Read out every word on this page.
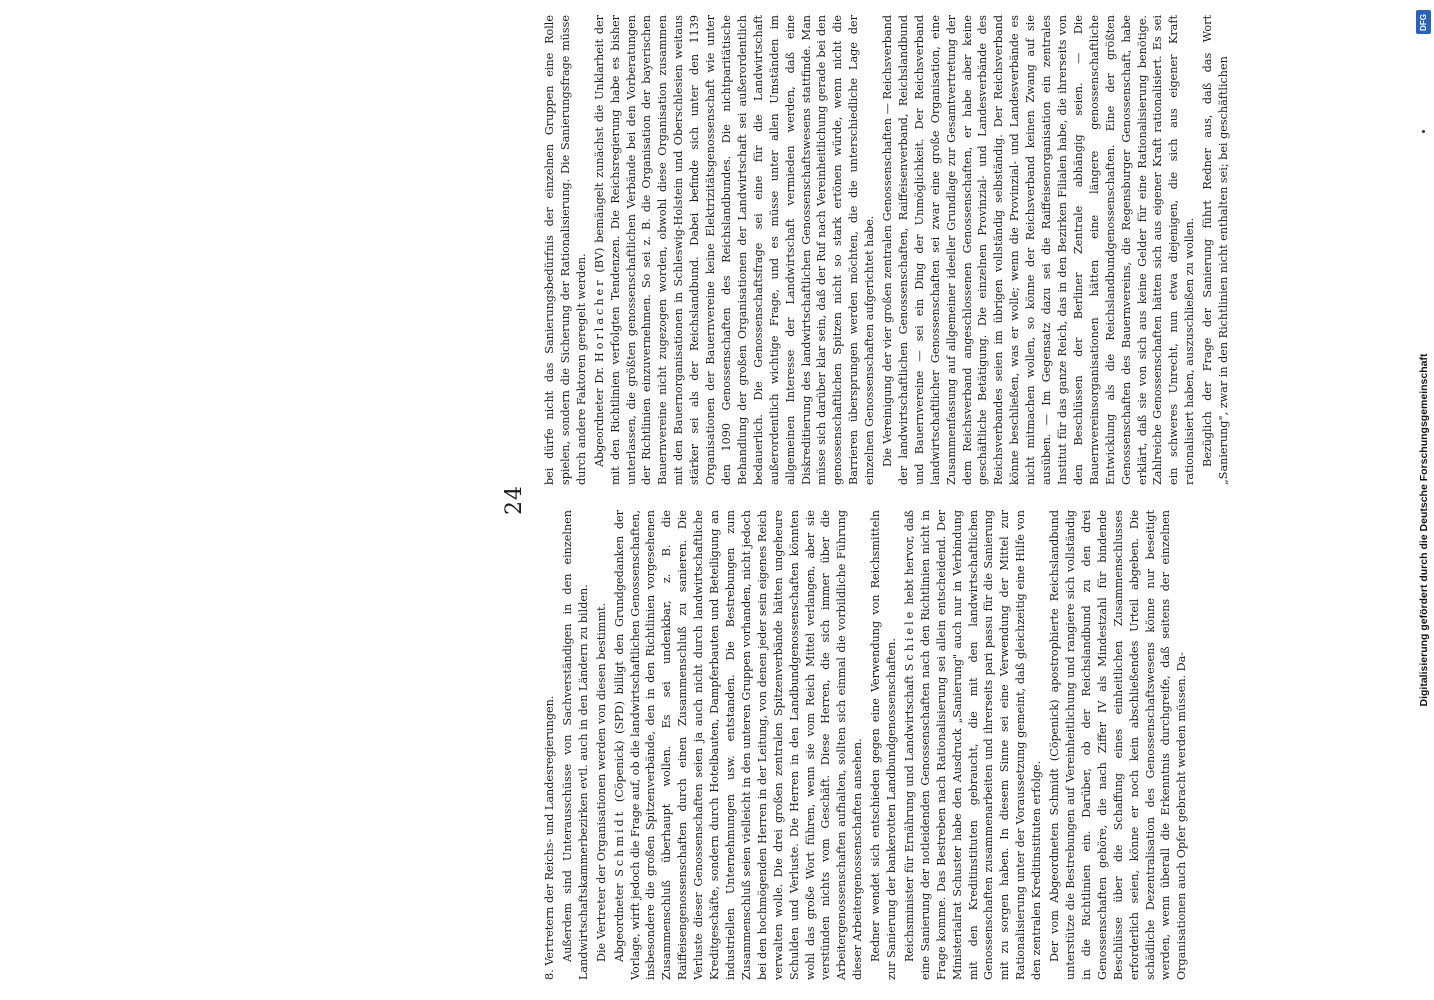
24

8. Vertretern der Reichs- und Landesregierungen. Außerdem sind Unterausschüsse von Sachverständigen in den einzelnen Landwirtschaftskammerbezirken evtl. auch in den Ländern zu bilden. Die Vertreter der Organisationen werden von diesen bestimmt. Abgeordneter Schmidt (Cöpenick) (SPD) billigt den Grundgedanken der Vorlage, wirft jedoch die Frage auf, ob die landwirtschaftlichen Genossenschaften, insbesondere die großen Spitzenverbände, den in den Richtlinien vorgesehenen Zusammenschluß überhaupt wollen. Es sei undenkbar, z. B. die Raiffeisengenossenschaften durch einen Zusammenschluß zu sanieren. Die Verluste dieser Genossenschaften seien ja auch nicht durch landwirtschaftliche Kreditgeschäfte, sondern durch Hotelbauten, Dampferbauten und Beteiligung an industriellen Unternehmungen usw. entstanden. Die Bestrebungen zum Zusammenschluß seien vielleicht in den unteren Gruppen vorhanden, nicht jedoch bei den hochmögenden Herren in der Leitung, von denen jeder sein eigenes Reich verwalten wolle. Die drei großen zentralen Spitzenverbände hätten ungeheure Schulden und Verluste. Die Herren in den Landbundgenossenschaften könnten wohl das große Wort führen, wenn sie vom Reich Mittel verlangen, aber sie verstünden nichts vom Geschäft. Diese Herren, die sich immer über die Arbeitergenossenschaften aufhalten, sollten sich einmal die vorbildliche Führung dieser Arbeitergenossenschaften ansehen. Redner wendet sich entschieden gegen eine Verwendung von Reichsmitteln zur Sanierung der bankerotten Landbundgenossenschaften. Reichsminister für Ernährung und Landwirtschaft Schiele hebt hervor, daß eine Sanierung der notleidenden Genossenschaften nach den Richtlinien nicht in Frage komme. Das Bestreben nach Rationalisierung sei allein entscheidend. Der Ministerialrat Schuster habe den Ausdruck „Sanierung" auch nur in Verbindung mit den Kreditinstituten gebraucht, die mit den landwirtschaftlichen Genossenschaften zusammenarbeiten und ihrerseits pari passu für die Sanierung mit zu sorgen haben. In diesem Sinne sei eine Verwendung der Mittel zur Rationalisierung unter der Voraussetzung gemeint, daß gleichzeitig eine Hilfe von den zentralen Kreditinstituten erfolge. Der vom Abgeordneten Schmidt (Cöpenick) apostrophierte Reichslandbund unterstütze die Bestrebungen auf Vereinheitlichung und rangiere sich vollständig in die Richtlinien ein. Darüber, ob der Reichslandbund zu den drei Genossenschaften gehöre, die nach Ziffer IV als Mindestzahl für bindende Beschlüsse über die Schaffung eines einheitlichen Zusammenschlusses erforderlich seien, könne er noch kein abschließendes Urteil abgeben. Die schädliche Dezentralisation des Genossenschaftswesens könne nur beseitigt werden, wenn überall die Erkenntnis durchgreife, daß seitens der einzelnen Organisationen auch Opfer gebracht werden müssen. Da-

bei dürfe nicht das Sanierungsbedürfnis der einzelnen Gruppen eine Rolle spielen, sondern die Sicherung der Rationalisierung. Die Sanierungsfrage müsse durch andere Faktoren geregelt werden. Abgeordneter Dr. Horlacher (BV) bemängelt zunächst die Unklarheit der mit den Richtlinien verfolgten Tendenzen. Die Reichsregierung habe es bisher unterlassen, die größten genossenschaftlichen Verbände bei den Vorberatungen der Richtlinien einzuvernehmen. So sei z. B. die Organisation der bayerischen Bauernvereine nicht zugezogen worden, obwohl diese Organisation zusammen mit den Bauernorganisationen in Schleswig-Holstein und Oberschlesien weitaus stärker sei als der Reichslandbund. Dabei befinde sich unter den 1139 Organisationen der Bauernvereine keine Elektrizitätsgenossenschaft wie unter den 1090 Genossenschaften des Reichslandbundes. Die nichtparitätische Behandlung der großen Organisationen der Landwirtschaft sei außerordentlich bedauerlich. Die Genossenschaftsfrage sei eine für die Landwirtschaft außerordentlich wichtige Frage, und es müsse unter allen Umständen im allgemeinen Interesse der Landwirtschaft vermieden werden, daß eine Diskreditierung des landwirtschaftlichen Genossenschaftswesens stattfinde. Man müsse sich darüber klar sein, daß der Ruf nach Vereinheitlichung gerade bei den genossenschaftlichen Spitzen nicht so stark ertönen würde, wenn nicht die Barrieren übersprungen werden möchten, die die unterschiedliche Lage der einzelnen Genossenschaften aufgerichtet habe. Die Vereinigung der vier großen zentralen Genossenschaften — Reichsverband der landwirtschaftlichen Genossenschaften, Raiffeisenverband, Reichslandbund und Bauernvereine — sei ein Ding der Unmöglichkeit. Der Reichsverband landwirtschaftlicher Genossenschaften sei zwar eine große Organisation, eine Zusammenfassung auf allgemeiner ideeller Grundlage zur Gesamtvertretung der dem Reichsverband angeschlossenen Genossenschaften, er habe aber keine geschäftliche Betätigung. Die einzelnen Provinzial- und Landesverbände des Reichsverbandes seien im übrigen vollständig selbständig. Der Reichsverband könne beschließen, was er wolle; wenn die Provinzial- und Landesverbände es nicht mitmachen wollen, so könne der Reichsverband keinen Zwang auf sie ausüben. — Im Gegensatz dazu sei die Raiffeisenorganisation ein zentrales Institut für das ganze Reich, das in den Bezirken Filialen habe, die ihrerseits von den Beschlüssen der Berliner Zentrale abhängig seien. — Die Bauernvereinsorganisationen hätten eine längere genossenschaftliche Entwicklung als die Reichslandbundgenossenschaften. Eine der größten Genossenschaften des Bauernvereins, die Regensburger Genossenschaft, habe erklärt, daß sie von sich aus keine Gelder für eine Rationalisierung benötige. Zahlreiche Genossenschaften hätten sich aus eigener Kraft rationalisiert. Es sei ein schweres Unrecht, nun etwa diejenigen, die sich aus eigener Kraft rationalisiert haben, auszuschließen zu wollen. Bezüglich der Frage der Sanierung führt Redner aus, daß das Wort „Sanierung", zwar in den Richtlinien nicht enthalten sei; bei geschäftlichen

DFG
Digitalisierung gefördert durch die Deutsche Forschungsgemeinschaft
